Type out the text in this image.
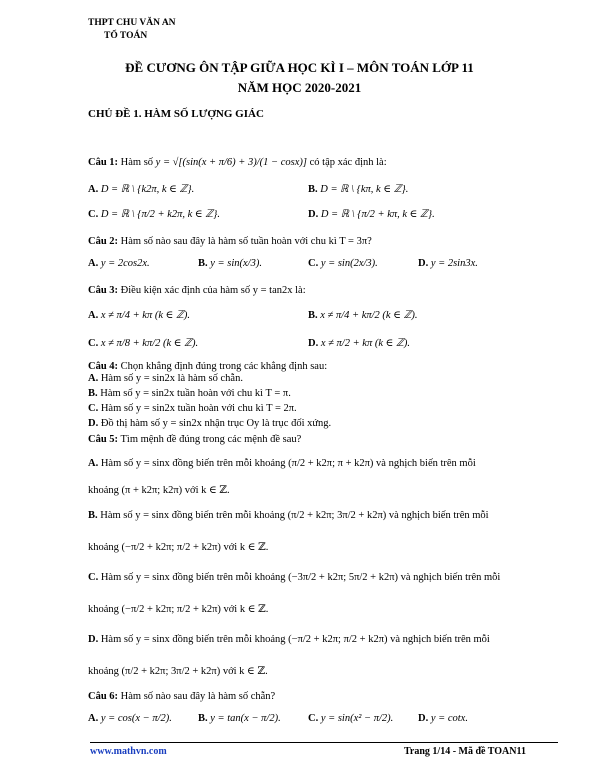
THPT CHU VĂN AN
TỔ TOÁN
ĐỀ CƯƠNG ÔN TẬP GIỮA HỌC KÌ I – MÔN TOÁN LỚP 11
NĂM HỌC 2020-2021
CHỦ ĐỀ 1. HÀM SỐ LƯỢNG GIÁC
Câu 1: Hàm số y = √[(sin(x + π/6) + 3)/(1 − cosx)] có tập xác định là:
A. D = ℝ \ {k2π, k ∈ ℤ}.	B. D = ℝ \ {kπ, k ∈ ℤ}.
C. D = ℝ \ {π/2 + k2π, k ∈ ℤ}.	D. D = ℝ \ {π/2 + kπ, k ∈ ℤ}.
Câu 2: Hàm số nào sau đây là hàm số tuần hoàn với chu kì T = 3π?
A. y = 2cos2x.	B. y = sin(x/3).	C. y = sin(2x/3).	D. y = 2sin3x.
Câu 3: Điều kiện xác định của hàm số y = tan2x là:
A. x ≠ π/4 + kπ (k ∈ ℤ).	B. x ≠ π/4 + kπ/2 (k ∈ ℤ).
C. x ≠ π/8 + kπ/2 (k ∈ ℤ).	D. x ≠ π/2 + kπ (k ∈ ℤ).
Câu 4: Chọn khẳng định đúng trong các khẳng định sau:
A. Hàm số y = sin2x là hàm số chẵn.
B. Hàm số y = sin2x tuần hoàn với chu kì T = π.
C. Hàm số y = sin2x tuần hoàn với chu kì T = 2π.
D. Đồ thị hàm số y = sin2x nhận trục Oy là trục đối xứng.
Câu 5: Tìm mệnh đề đúng trong các mệnh đề sau?
A. Hàm số y = sinx đồng biến trên mỗi khoảng (π/2 + k2π; π + k2π) và nghịch biến trên mỗi
khoảng (π + k2π; k2π) với k ∈ ℤ.
B. Hàm số y = sinx đồng biến trên mỗi khoảng (π/2 + k2π; 3π/2 + k2π) và nghịch biến trên mỗi
khoảng (−π/2 + k2π; π/2 + k2π) với k ∈ ℤ.
C. Hàm số y = sinx đồng biến trên mỗi khoảng (−3π/2 + k2π; 5π/2 + k2π) và nghịch biến trên mỗi
khoảng (−π/2 + k2π; π/2 + k2π) với k ∈ ℤ.
D. Hàm số y = sinx đồng biến trên mỗi khoảng (−π/2 + k2π; π/2 + k2π) và nghịch biến trên mỗi
khoảng (π/2 + k2π; 3π/2 + k2π) với k ∈ ℤ.
Câu 6: Hàm số nào sau đây là hàm số chẵn?
A. y = cos(x − π/2). B. y = tan(x − π/2).	C. y = sin(x² − π/2). D. y = cotx.
www.mathvn.com	Trang 1/14 - Mã đề TOAN11
